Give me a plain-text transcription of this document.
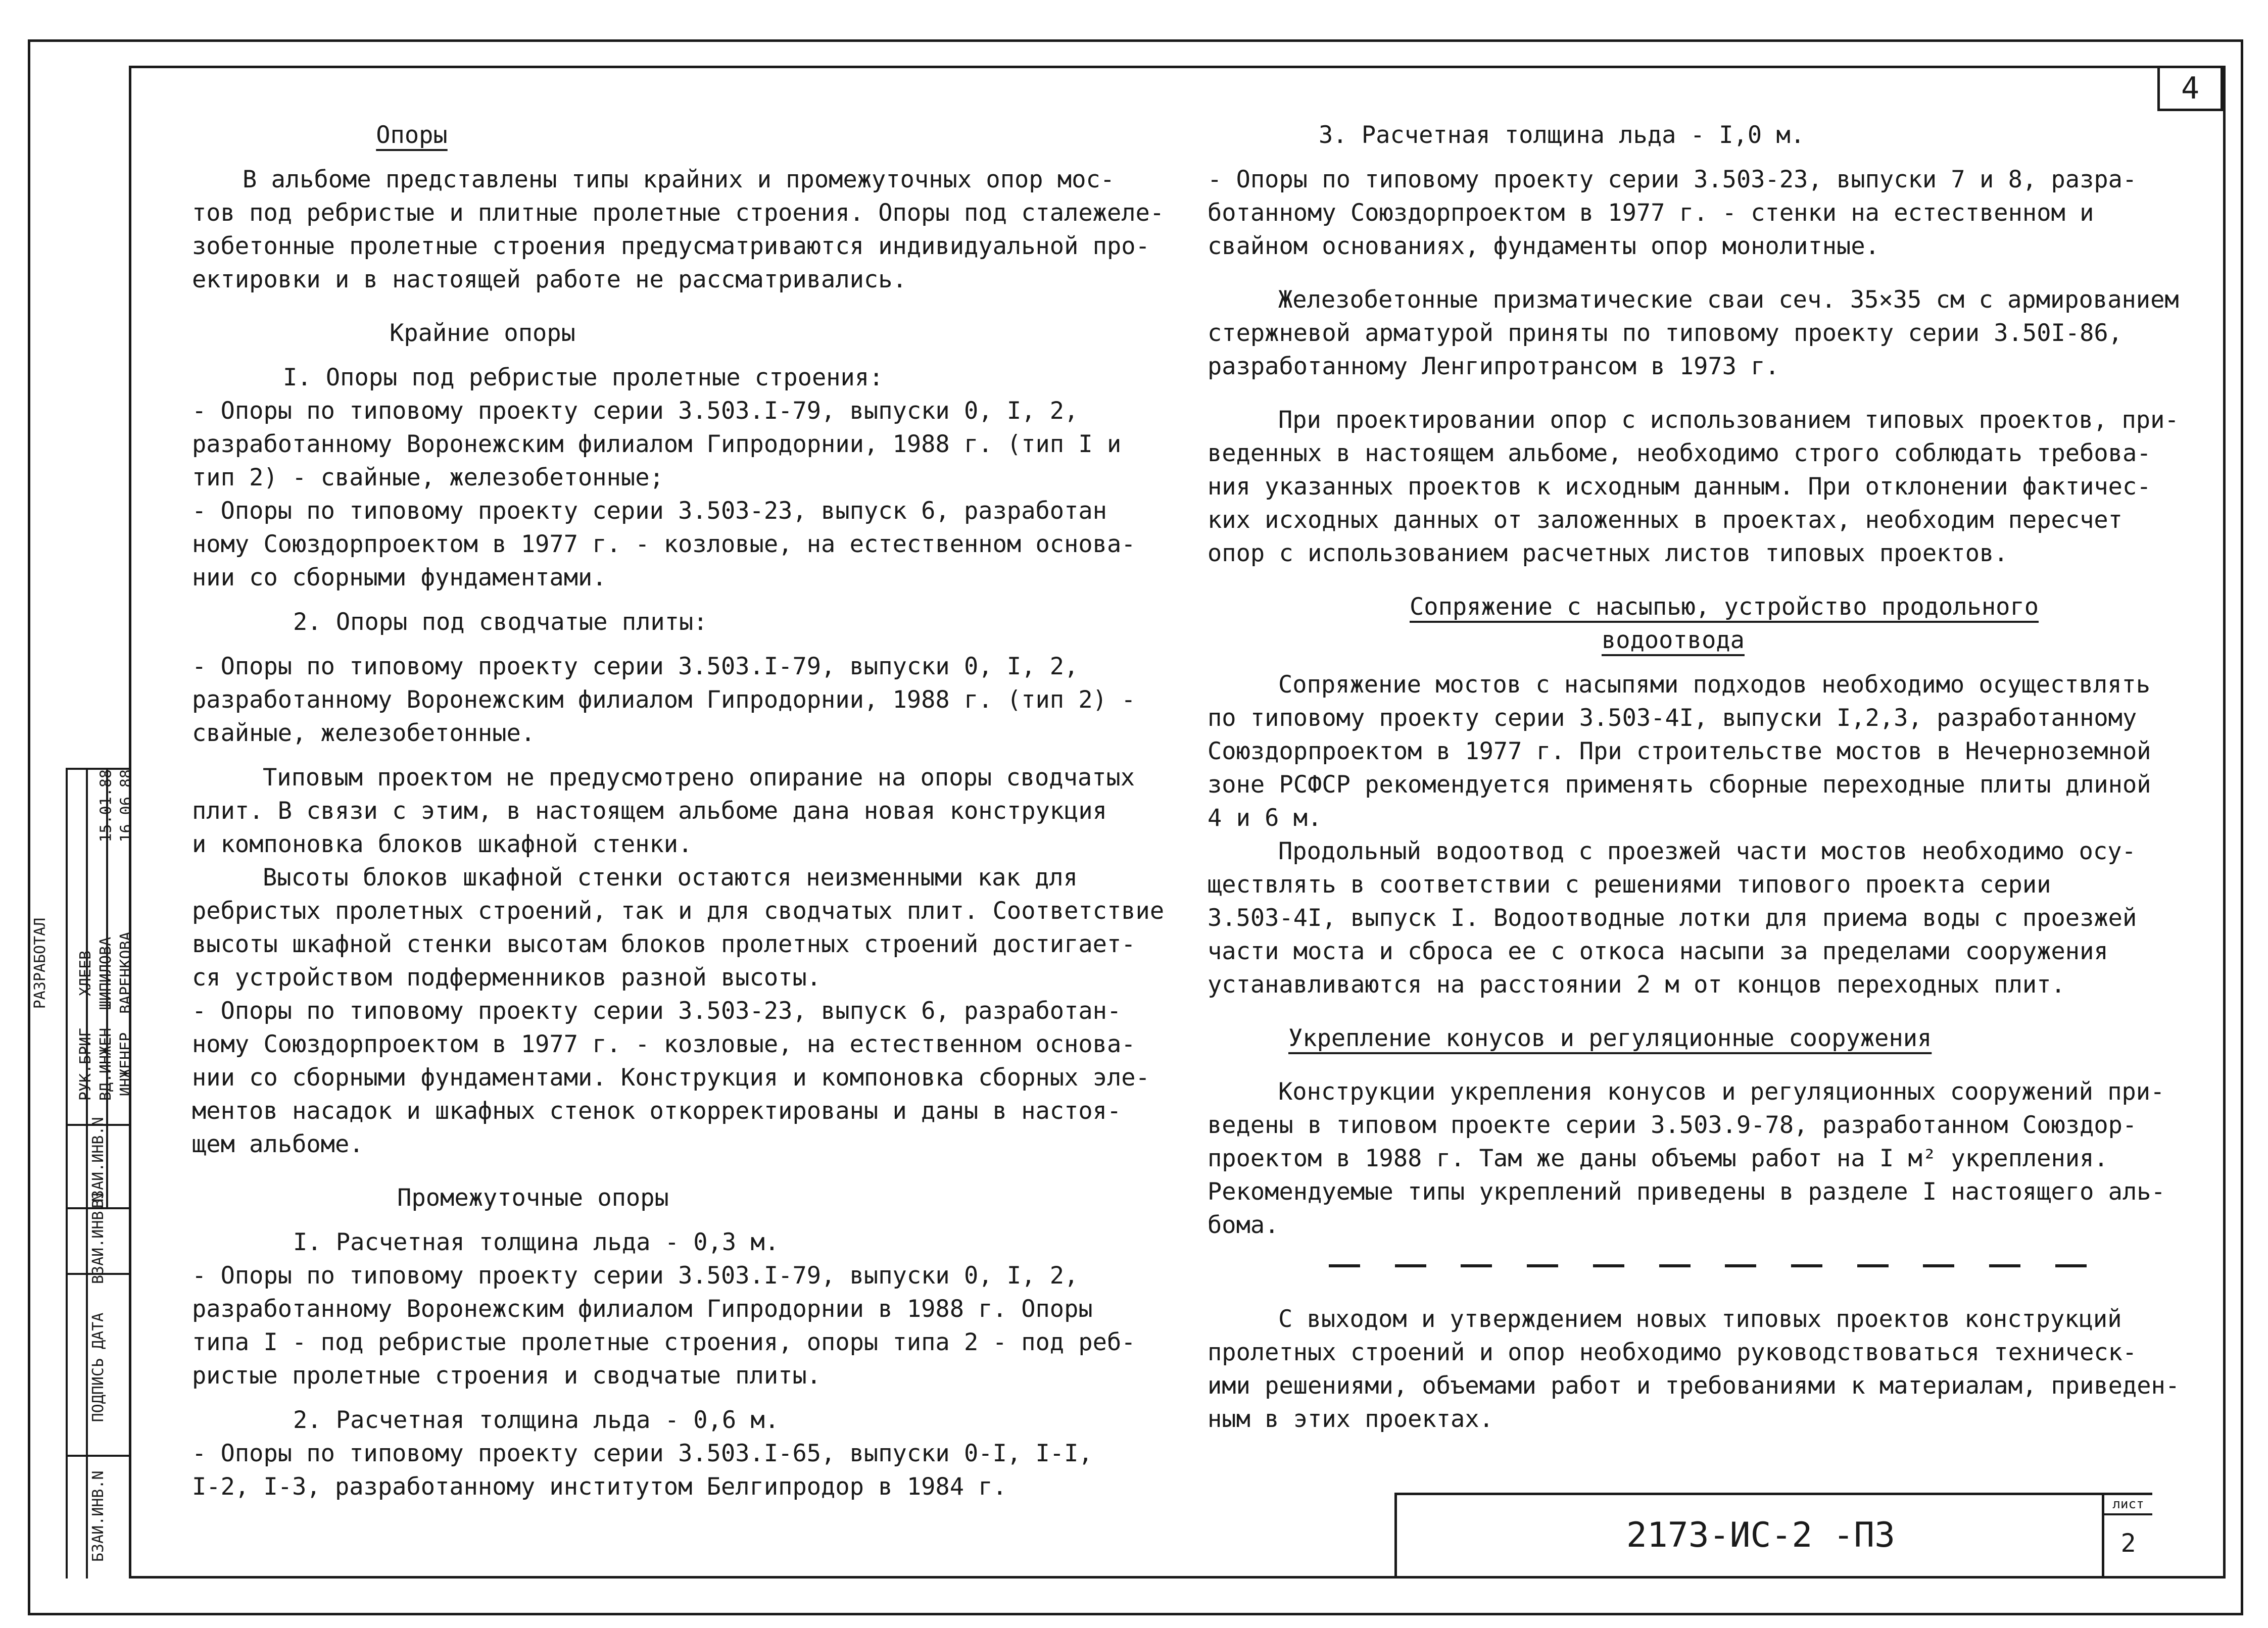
РАЗРАБОТАЛ
РУК.БРИГ
ХЛЕЕВ
ВД.ИНЖЕН
ШИПИЛОВА
ИНЖЕНЕР
ВАРЕНКОВА
15.01.88 16.06.88
ВЗАИ.ИНВ.N
ПОДПИСЬ ДАТА
ВЗАИ.ИНВ.N
БЗАИ.ИНВ.N
4

Опоры

В альбоме представлены типы крайних и промежуточных опор мос-

тов под ребристые и плитные пролетные строения. Опоры под сталежеле-

зобетонные пролетные строения предусматриваются индивидуальной про-

ектировки и в настоящей работе не рассматривались.

Крайние опоры

I. Опоры под ребристые пролетные строения:

- Опоры по типовому проекту серии 3.503.I-79, выпуски 0, I, 2,

разработанному Воронежским филиалом Гипродорнии, 1988 г. (тип I и

тип 2) - свайные, железобетонные;

- Опоры по типовому проекту серии 3.503-23, выпуск 6, разработан

ному Союздорпроектом в 1977 г. - козловые, на естественном основа-

нии со сборными фундаментами.

2. Опоры под сводчатые плиты:

- Опоры по типовому проекту серии 3.503.I-79, выпуски 0, I, 2,

разработанному Воронежским филиалом Гипродорнии, 1988 г. (тип 2) -

свайные, железобетонные.

Типовым проектом не предусмотрено опирание на опоры сводчатых

плит. В связи с этим, в настоящем альбоме дана новая конструкция

и компоновка блоков шкафной стенки.

Высоты блоков шкафной стенки остаются неизменными как для

ребристых пролетных строений, так и для сводчатых плит. Соответствие

высоты шкафной стенки высотам блоков пролетных строений достигает-

ся устройством подферменников разной высоты.

- Опоры по типовому проекту серии 3.503-23, выпуск 6, разработан-

ному Союздорпроектом в 1977 г. - козловые, на естественном основа-

нии со сборными фундаментами. Конструкция и компоновка сборных эле-

ментов насадок и шкафных стенок откорректированы и даны в настоя-

щем альбоме.

Промежуточные опоры

I. Расчетная толщина льда - 0,3 м.

- Опоры по типовому проекту серии 3.503.I-79, выпуски 0, I, 2,

разработанному Воронежским филиалом Гипродорнии в 1988 г. Опоры

типа I - под ребристые пролетные строения, опоры типа 2 - под реб-

ристые пролетные строения и сводчатые плиты.

2. Расчетная толщина льда - 0,6 м.

- Опоры по типовому проекту серии 3.503.I-65, выпуски 0-I, I-I,

I-2, I-3, разработанному институтом Белгипродор в 1984 г.

3. Расчетная толщина льда - I,0 м.

- Опоры по типовому проекту серии 3.503-23, выпуски 7 и 8, разра-

ботанному Союздорпроектом в 1977 г. - стенки на естественном и

свайном основаниях, фундаменты опор монолитные.

Железобетонные призматические сваи сеч. 35×35 см с армированием

стержневой арматурой приняты по типовому проекту серии 3.50I-86,

разработанному Ленгипротрансом в 1973 г.

При проектировании опор с использованием типовых проектов, при-

веденных в настоящем альбоме, необходимо строго соблюдать требова-

ния указанных проектов к исходным данным. При отклонении фактичес-

ких исходных данных от заложенных в проектах, необходим пересчет

опор с использованием расчетных листов типовых проектов.

Сопряжение с насыпью, устройство продольного

водоотвода

Сопряжение мостов с насыпями подходов необходимо осуществлять

по типовому проекту серии 3.503-4I, выпуски I,2,3, разработанному

Союздорпроектом в 1977 г. При строительстве мостов в Нечерноземной

зоне РСФСР рекомендуется применять сборные переходные плиты длиной

4 и 6 м.

Продольный водоотвод с проезжей части мостов необходимо осу-

ществлять в соответствии с решениями типового проекта серии

3.503-4I, выпуск I. Водоотводные лотки для приема воды с проезжей

части моста и сброса ее с откоса насыпи за пределами сооружения

устанавливаются на расстоянии 2 м от концов переходных плит.

Укрепление конусов и регуляционные сооружения

Конструкции укрепления конусов и регуляционных сооружений при-

ведены в типовом проекте серии 3.503.9-78, разработанном Союздор-

проектом в 1988 г. Там же даны объемы работ на I м² укрепления.

Рекомендуемые типы укреплений приведены в разделе I настоящего аль-

бома.

С выходом и утверждением новых типовых проектов конструкций

пролетных строений и опор необходимо руководствоваться техническ-

ими решениями, объемами работ и требованиями к материалам, приведен-

ным в этих проектах.

2173-ИС-2 -ПЗ
лист
2
